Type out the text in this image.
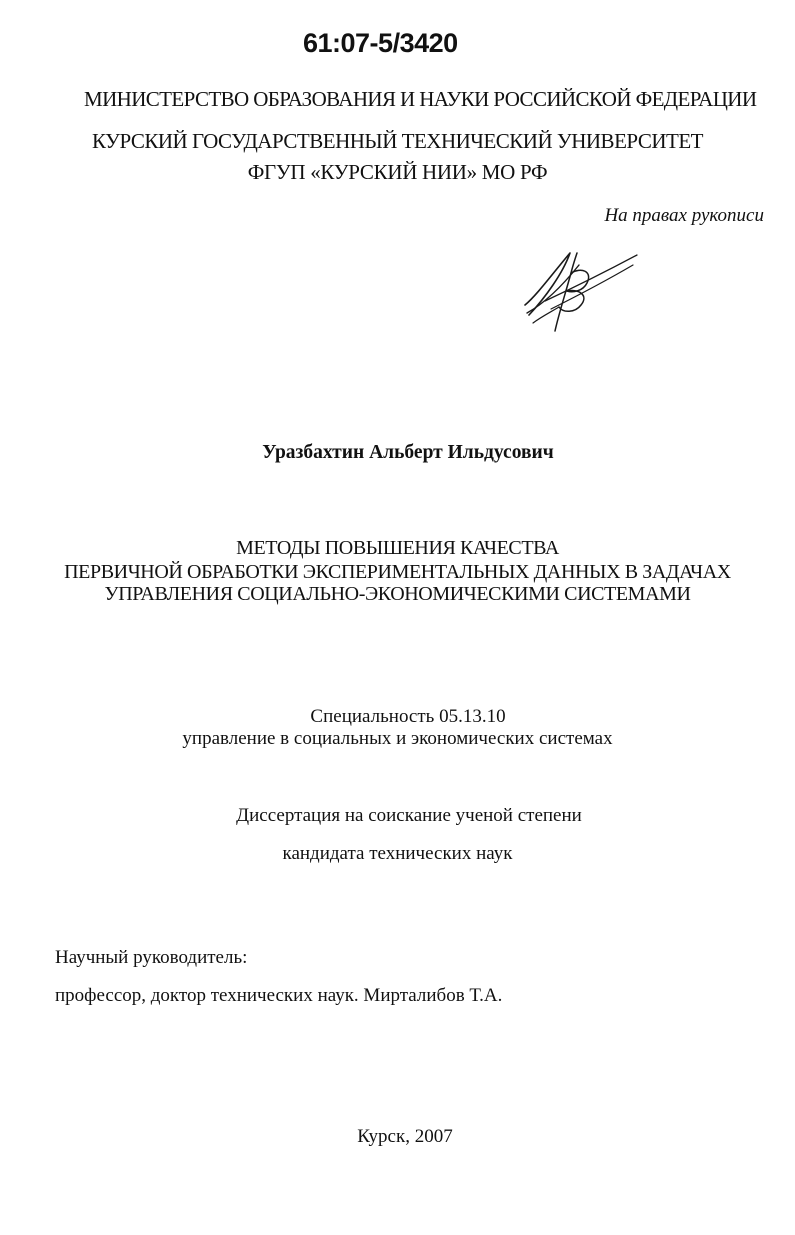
61:07-5/3420
МИНИСТЕРСТВО ОБРАЗОВАНИЯ И НАУКИ РОССИЙСКОЙ ФЕДЕРАЦИИ
КУРСКИЙ ГОСУДАРСТВЕННЫЙ ТЕХНИЧЕСКИЙ УНИВЕРСИТЕТ
ФГУП «КУРСКИЙ НИИ» МО РФ
На правах рукописи
Уразбахтин Альберт Ильдусович
МЕТОДЫ ПОВЫШЕНИЯ КАЧЕСТВА
ПЕРВИЧНОЙ ОБРАБОТКИ ЭКСПЕРИМЕНТАЛЬНЫХ ДАННЫХ В ЗАДАЧАХ
УПРАВЛЕНИЯ СОЦИАЛЬНО-ЭКОНОМИЧЕСКИМИ СИСТЕМАМИ
Специальность 05.13.10
управление в социальных и экономических системах
Диссертация на соискание ученой степени
кандидата технических наук
Научный руководитель:
профессор, доктор технических наук. Мирталибов Т.А.
Курск, 2007
